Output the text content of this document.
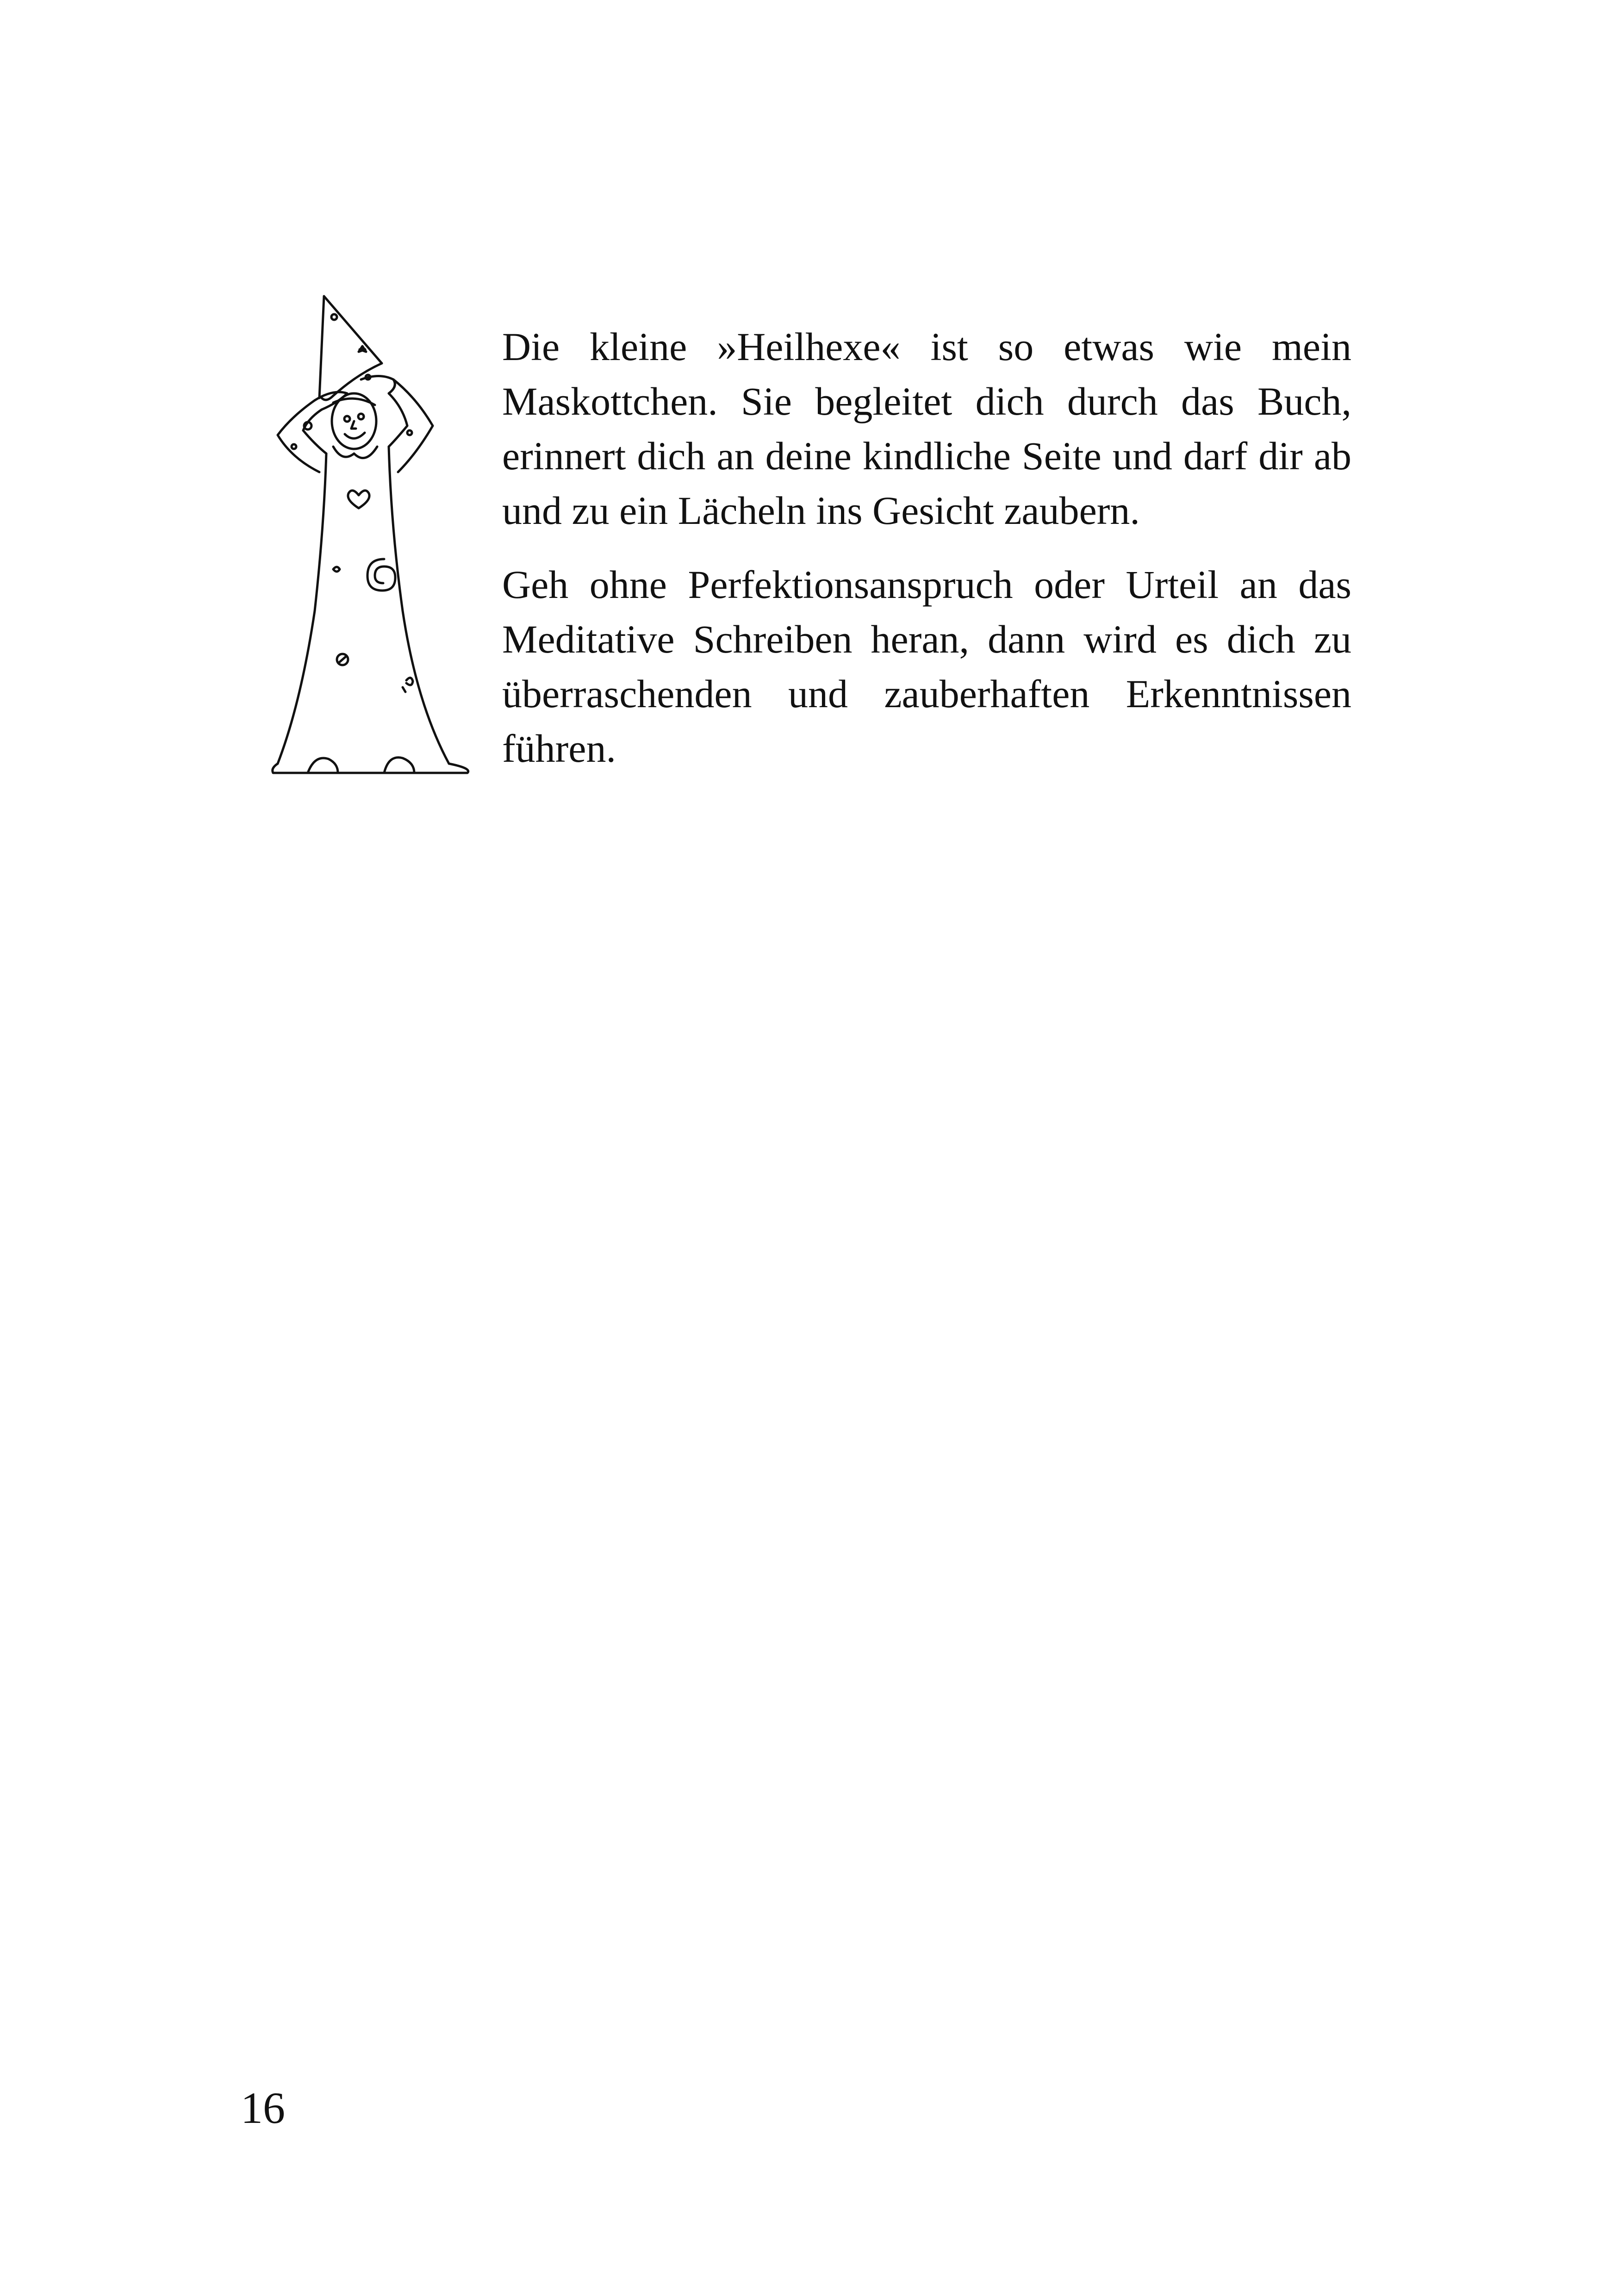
Die kleine »Heilhexe« ist so etwas wie mein Maskottchen. Sie begleitet dich durch das Buch, erinnert dich an deine kindliche Seite und darf dir ab und zu ein Lächeln ins Gesicht zaubern.

Geh ohne Perfektionsanspruch oder Urteil an das Meditative Schreiben heran, dann wird es dich zu überraschenden und zauberhaften Erkenntnissen führen.

16
